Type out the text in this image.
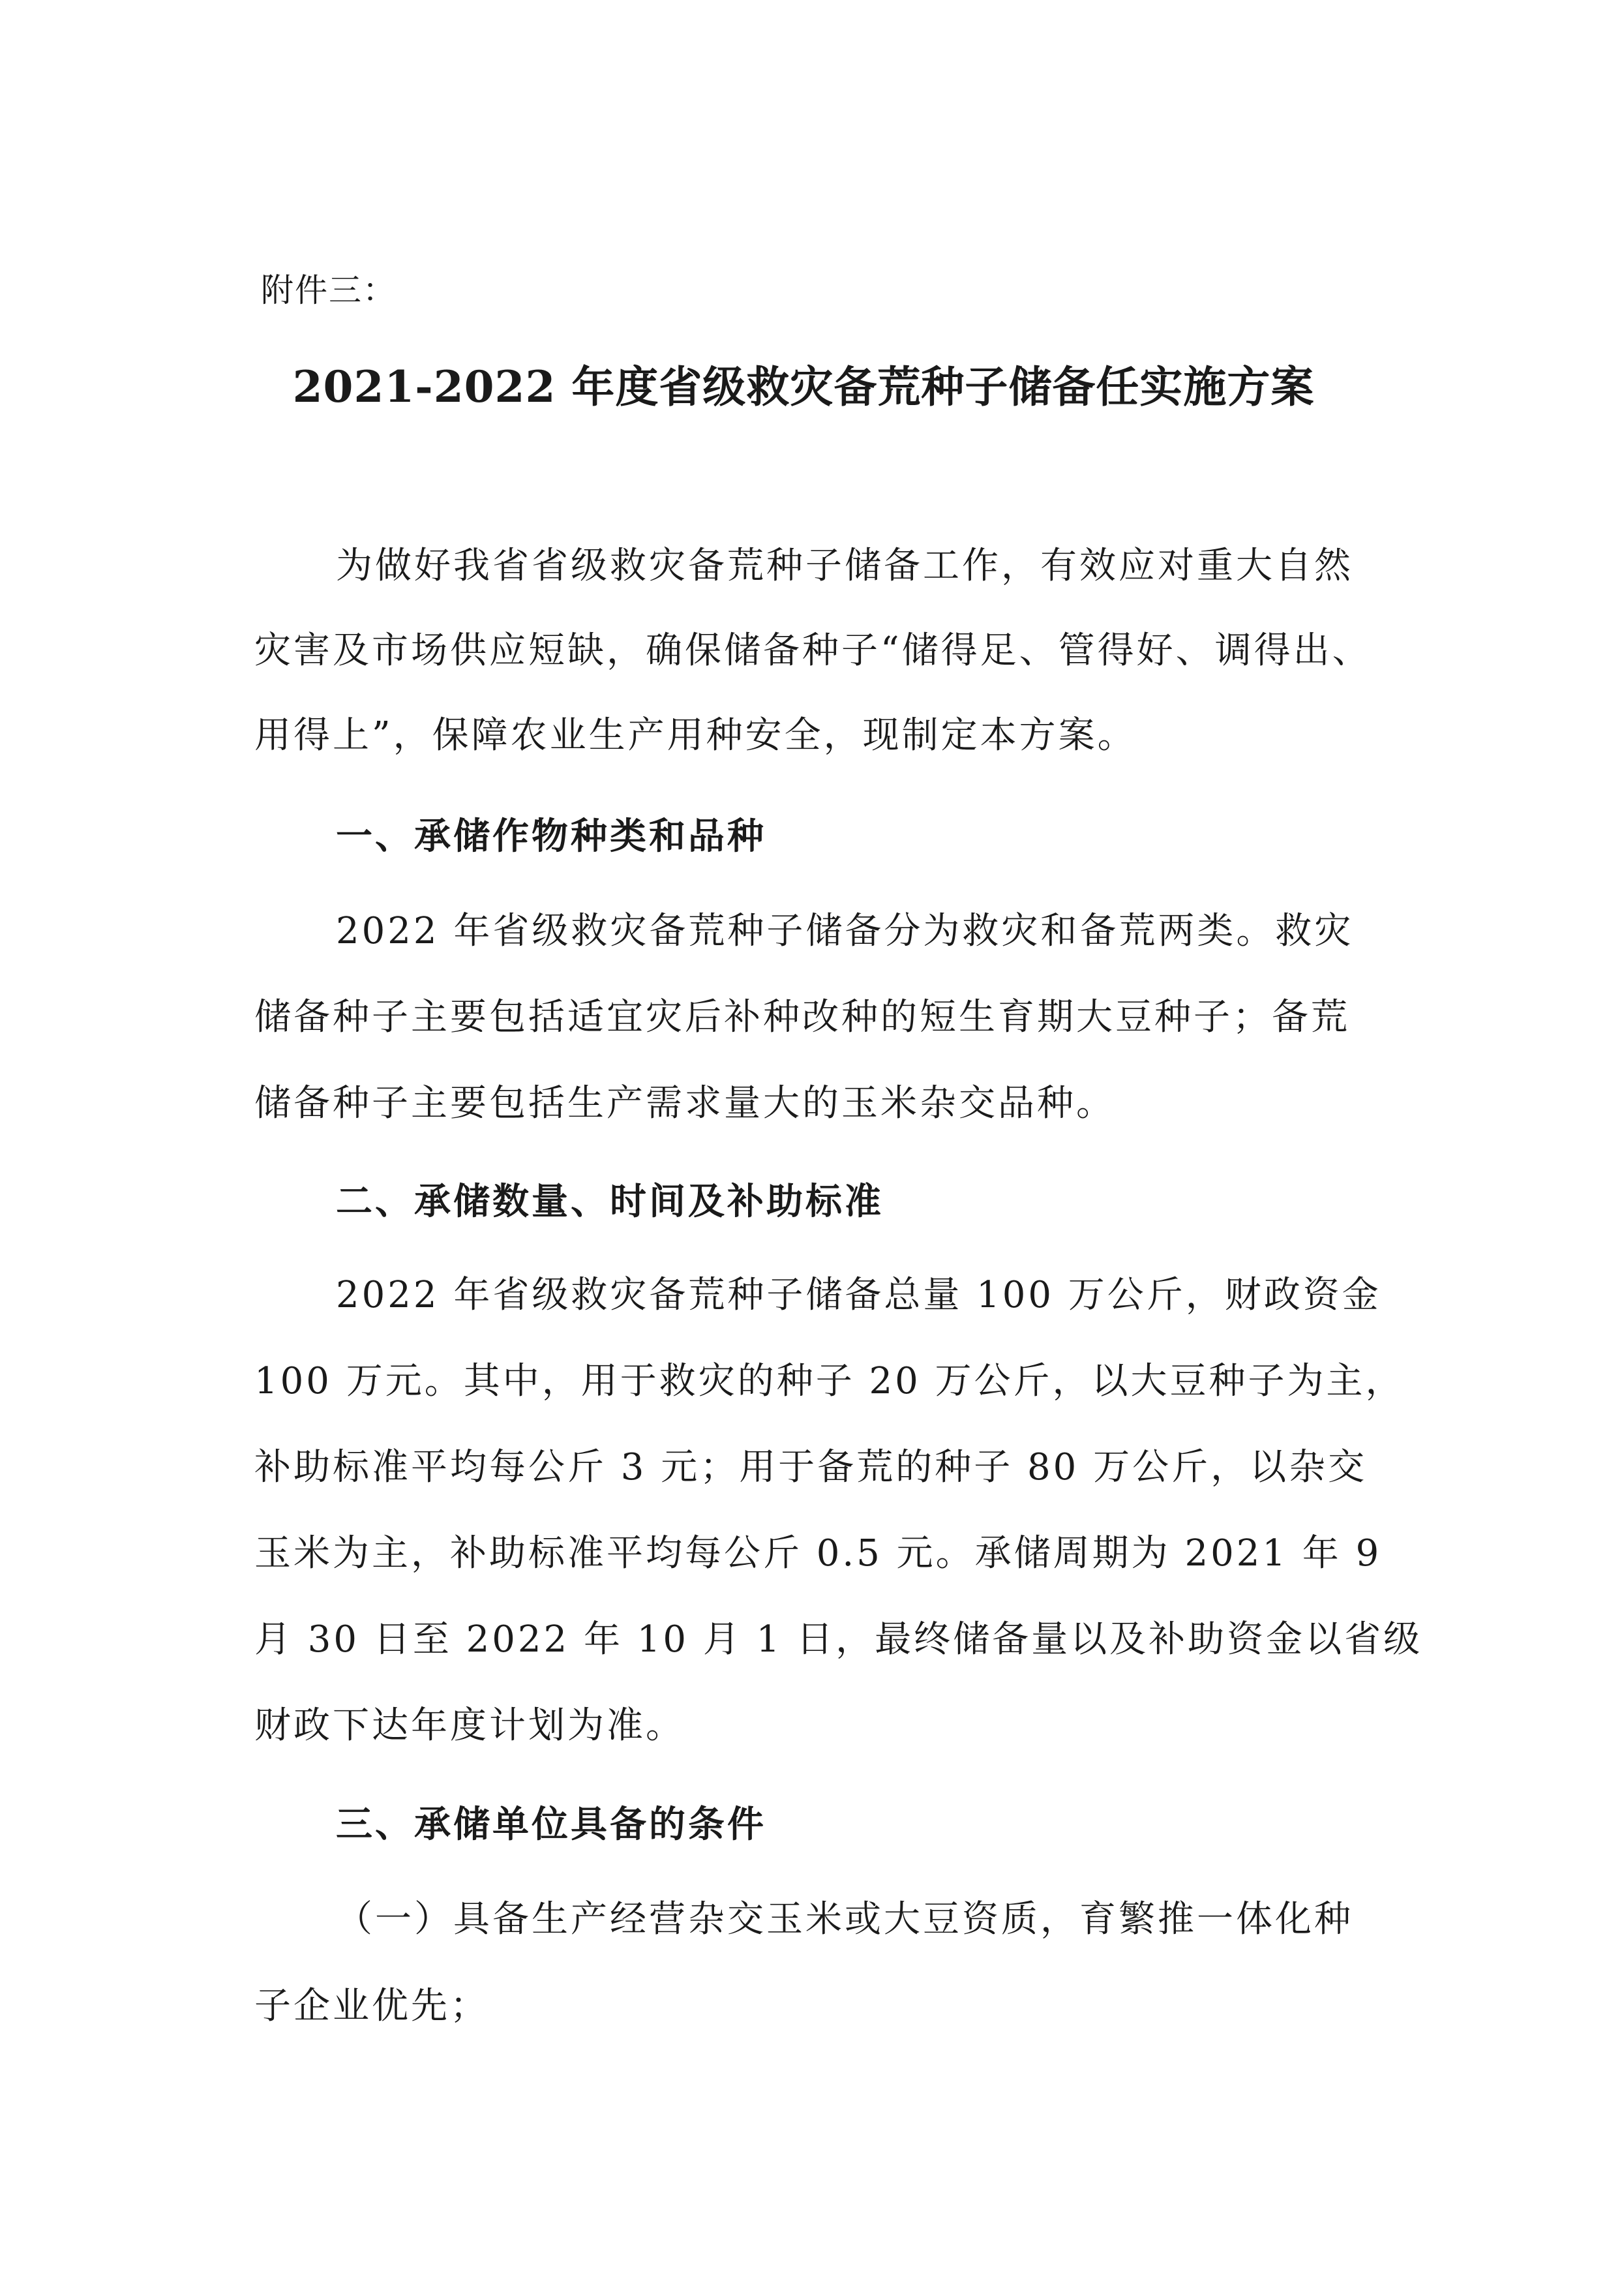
附件三：
2021-2022 年度省级救灾备荒种子储备任实施方案
为做好我省省级救灾备荒种子储备工作，有效应对重大自然
灾害及市场供应短缺，确保储备种子“储得足、管得好、调得出、
用得上”，保障农业生产用种安全，现制定本方案。
一、承储作物种类和品种
2022 年省级救灾备荒种子储备分为救灾和备荒两类。救灾
储备种子主要包括适宜灾后补种改种的短生育期大豆种子；备荒
储备种子主要包括生产需求量大的玉米杂交品种。
二、承储数量、时间及补助标准
2022 年省级救灾备荒种子储备总量 100 万公斤，财政资金
100 万元。其中，用于救灾的种子 20 万公斤，以大豆种子为主，
补助标准平均每公斤 3 元；用于备荒的种子 80 万公斤，以杂交
玉米为主，补助标准平均每公斤 0.5 元。承储周期为 2021 年 9
月 30 日至 2022 年 10 月 1 日，最终储备量以及补助资金以省级
财政下达年度计划为准。
三、承储单位具备的条件
（一）具备生产经营杂交玉米或大豆资质，育繁推一体化种
子企业优先；
